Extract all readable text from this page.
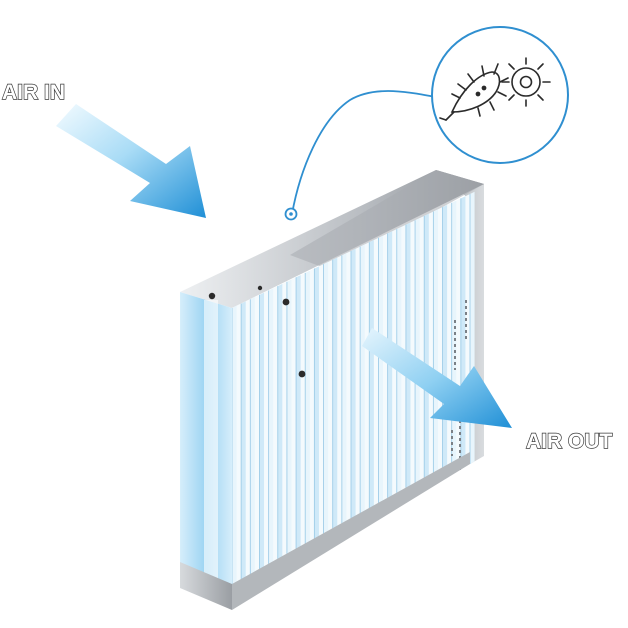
AIR IN
AIR OUT
